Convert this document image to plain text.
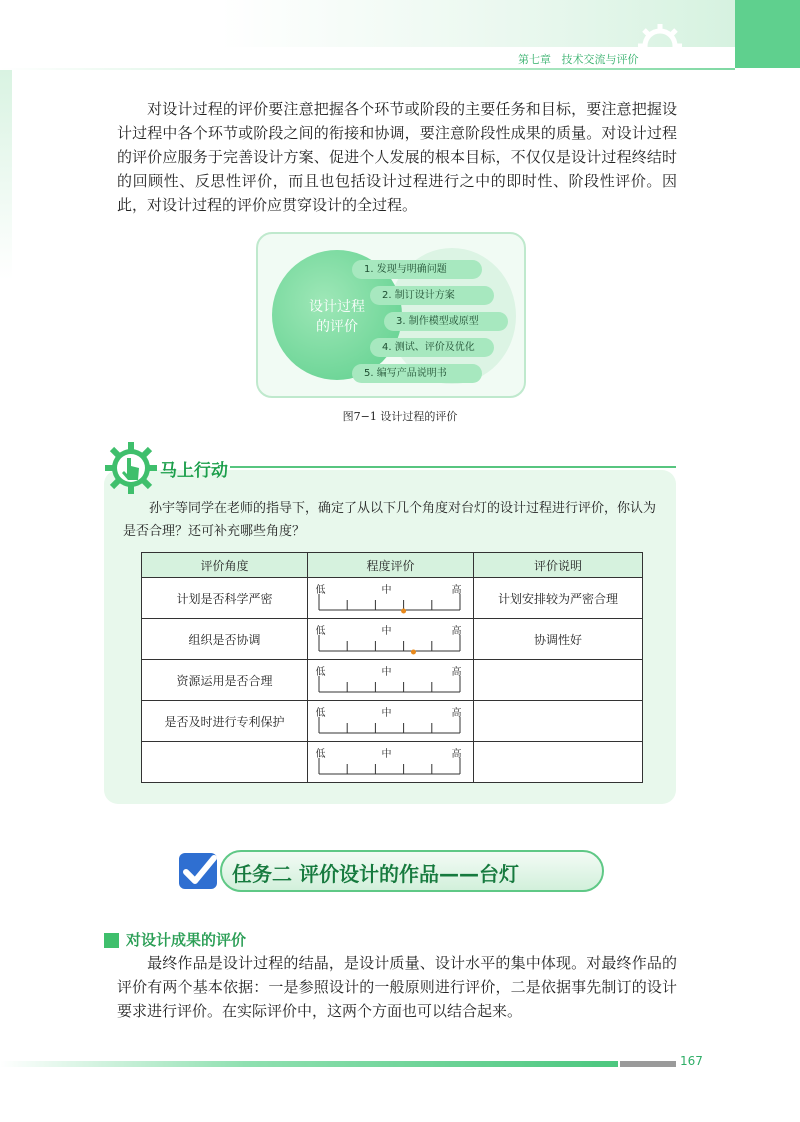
第七章   技术交流与评价

对设计过程的评价要注意把握各个环节或阶段的主要任务和目标，要注意把握设计过程中各个环节或阶段之间的衔接和协调，要注意阶段性成果的质量。对设计过程的评价应服务于完善设计方案、促进个人发展的根本目标，不仅仅是设计过程终结时的回顾性、反思性评价，而且也包括设计过程进行之中的即时性、阶段性评价。因此，对设计过程的评价应贯穿设计的全过程。

设计过程
的评价
1. 发现与明确问题
2. 制订设计方案
3. 制作模型或原型
4. 测试、评价及优化
5. 编写产品说明书
图7−1 设计过程的评价
马上行动

孙宇等同学在老师的指导下，确定了从以下几个角度对台灯的设计过程进行评价，你认为是否合理？还可补充哪些角度？

评价角度	程度评价	评价说明
计划是否科学严密	低 中 高	计划安排较为严密合理
组织是否协调	低 中 高	协调性好
资源运用是否合理	低 中 高	

是否及时进行专利保护	低 中 高	

	低 中 高	

任务二 评价设计的作品——台灯
对设计成果的评价

最终作品是设计过程的结晶，是设计质量、设计水平的集中体现。对最终作品的评价有两个基本依据：一是参照设计的一般原则进行评价，二是依据事先制订的设计要求进行评价。在实际评价中，这两个方面也可以结合起来。

167
